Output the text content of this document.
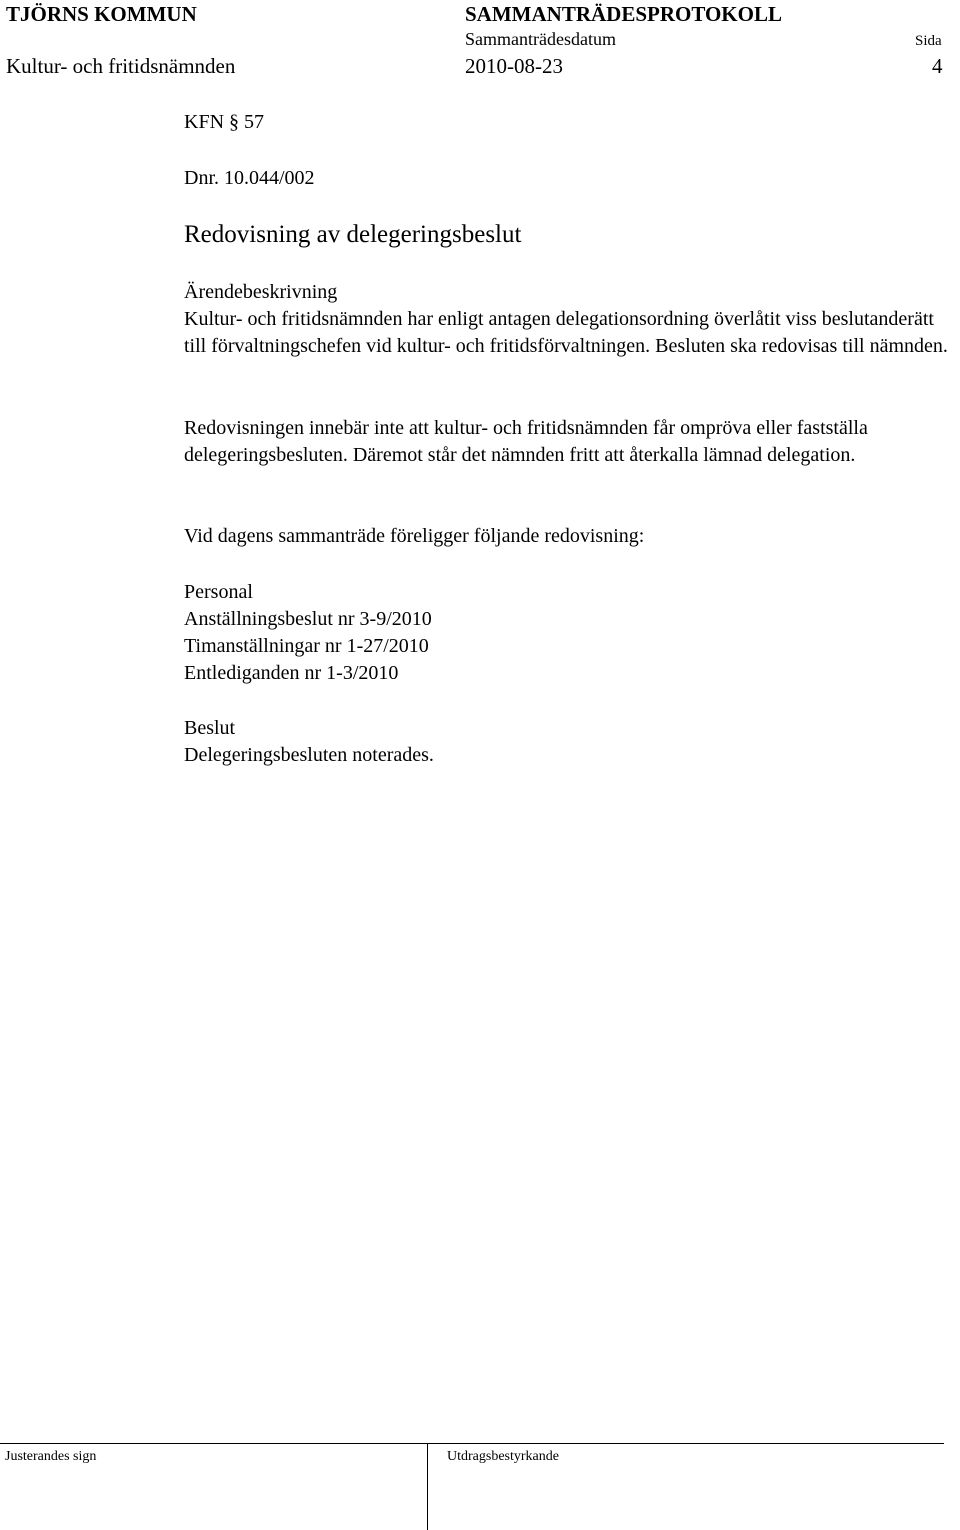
TJÖRNS KOMMUN	SAMMANTRÄDESPROTOKOLL
Sammanträdesdatum	Sida
Kultur- och fritidsnämnden	2010-08-23	4
KFN § 57
Dnr. 10.044/002
Redovisning av delegeringsbeslut
Ärendebeskrivning
Kultur- och fritidsnämnden har enligt antagen delegationsordning överlåtit viss beslutanderätt till förvaltningschefen vid kultur- och fritidsförvaltningen. Besluten ska redovisas till nämnden.
Redovisningen innebär inte att kultur- och fritidsnämnden får ompröva eller fastställa delegeringsbesluten. Däremot står det nämnden fritt att återkalla lämnad delegation.
Vid dagens sammanträde föreligger följande redovisning:
Personal
Anställningsbeslut nr 3-9/2010
Timanställningar nr 1-27/2010
Entlediganden nr 1-3/2010
Beslut
Delegeringsbesluten noterades.
Justerandes sign	Utdragsbestyrkande
